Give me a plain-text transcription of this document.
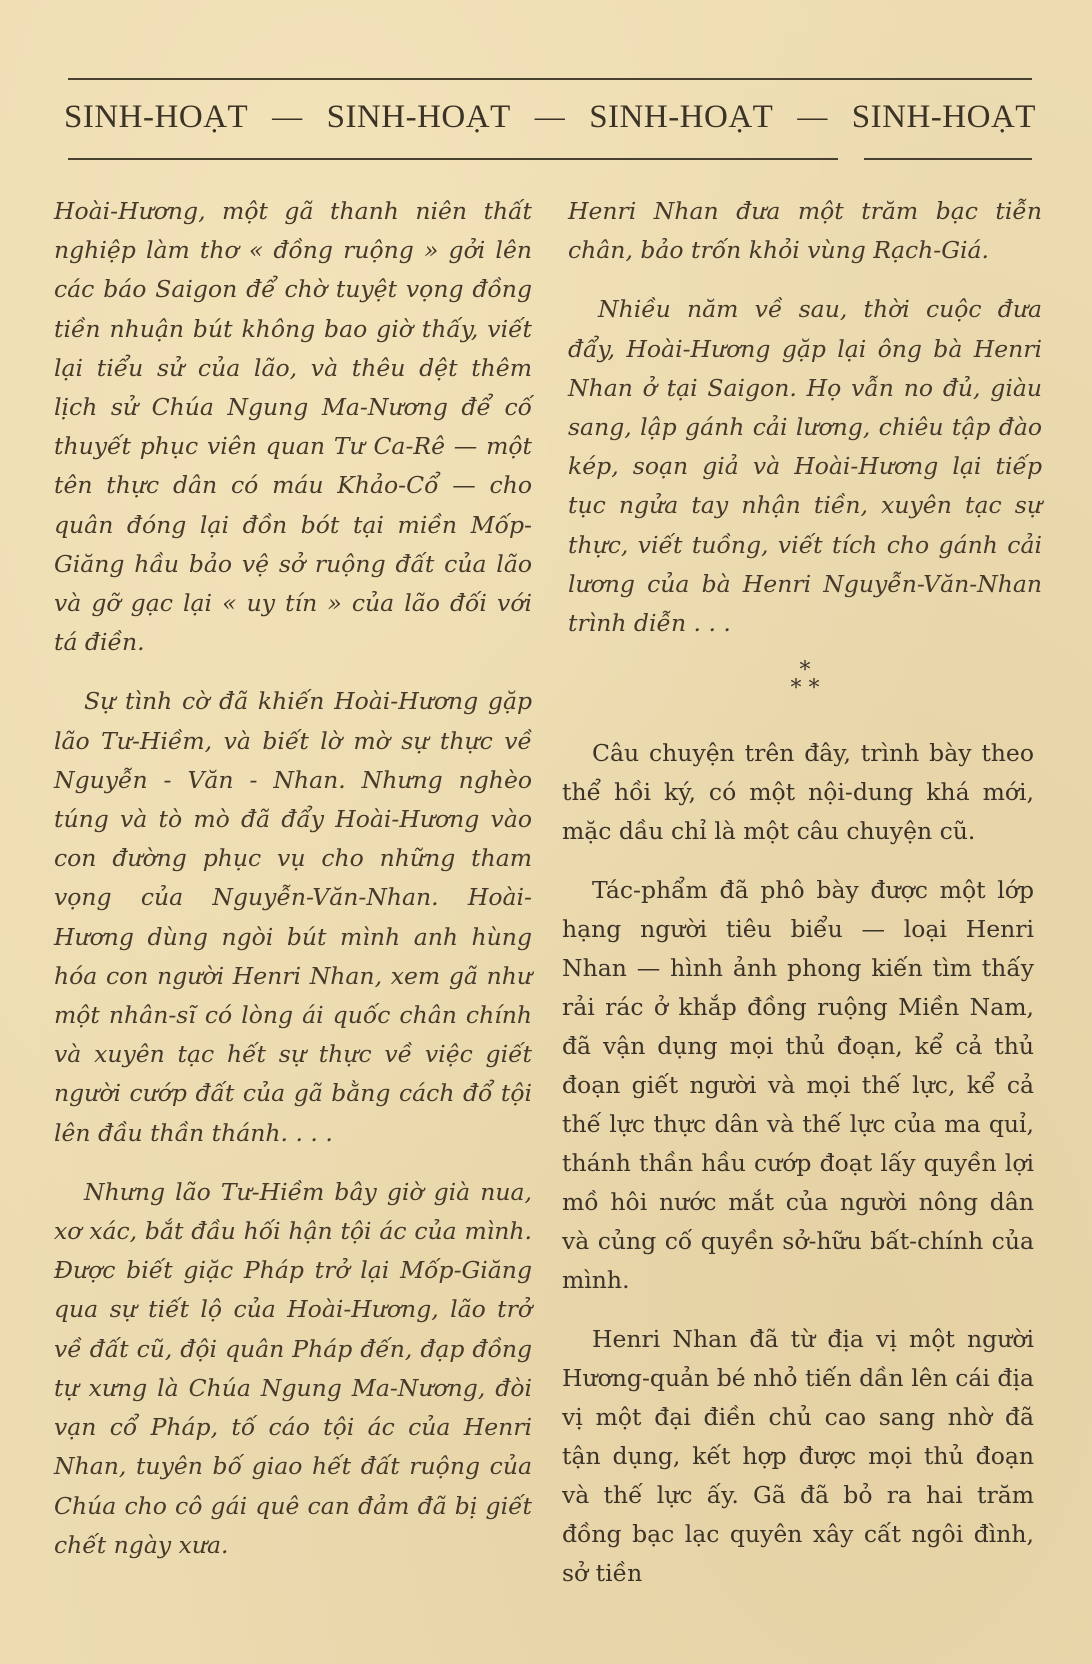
SINH-HOẠT — SINH-HOẠT — SINH-HOẠT — SINH-HOẠT

Hoài-Hương, một gã thanh niên thất nghiệp làm thơ « đồng ruộng » gởi lên các báo Saigon để chờ tuyệt vọng đồng tiền nhuận bút không bao giờ thấy, viết lại tiểu sử của lão, và thêu dệt thêm lịch sử Chúa Ngung Ma-Nương để cố thuyết phục viên quan Tư Ca-Rê — một tên thực dân có máu Khảo-Cổ — cho quân đóng lại đồn bót tại miền Mốp-Giăng hầu bảo vệ sở ruộng đất của lão và gỡ gạc lại « uy tín » của lão đối với tá điền.

Sự tình cờ đã khiến Hoài-Hương gặp lão Tư-Hiềm, và biết lờ mờ sự thực về Nguyễn - Văn - Nhan. Nhưng nghèo túng và tò mò đã đẩy Hoài-Hương vào con đường phục vụ cho những tham vọng của Nguyễn-Văn-Nhan. Hoài-Hương dùng ngòi bút mình anh hùng hóa con người Henri Nhan, xem gã như một nhân-sĩ có lòng ái quốc chân chính và xuyên tạc hết sự thực về việc giết người cướp đất của gã bằng cách đổ tội lên đầu thần thánh. . . .

Nhưng lão Tư-Hiềm bây giờ già nua, xơ xác, bắt đầu hối hận tội ác của mình. Được biết giặc Pháp trở lại Mốp-Giăng qua sự tiết lộ của Hoài-Hương, lão trở về đất cũ, đội quân Pháp đến, đạp đồng tự xưng là Chúa Ngung Ma-Nương, đòi vạn cổ Pháp, tố cáo tội ác của Henri Nhan, tuyên bố giao hết đất ruộng của Chúa cho cô gái quê can đảm đã bị giết chết ngày xưa.

Henri Nhan đưa một trăm bạc tiễn chân, bảo trốn khỏi vùng Rạch-Giá.

Nhiều năm về sau, thời cuộc đưa đẩy, Hoài-Hương gặp lại ông bà Henri Nhan ở tại Saigon. Họ vẫn no đủ, giàu sang, lập gánh cải lương, chiêu tập đào kép, soạn giả và Hoài-Hương lại tiếp tục ngửa tay nhận tiền, xuyên tạc sự thực, viết tuồng, viết tích cho gánh cải lương của bà Henri Nguyễn-Văn-Nhan trình diễn . . .

*
* *

Câu chuyện trên đây, trình bày theo thể hồi ký, có một nội-dung khá mới, mặc dầu chỉ là một câu chuyện cũ.

Tác-phẩm đã phô bày được một lớp hạng người tiêu biểu — loại Henri Nhan — hình ảnh phong kiến tìm thấy rải rác ở khắp đồng ruộng Miền Nam, đã vận dụng mọi thủ đoạn, kể cả thủ đoạn giết người và mọi thế lực, kể cả thế lực thực dân và thế lực của ma quỉ, thánh thần hầu cướp đoạt lấy quyền lợi mồ hôi nước mắt của người nông dân và củng cố quyền sở-hữu bất-chính của mình.

Henri Nhan đã từ địa vị một người Hương-quản bé nhỏ tiến dần lên cái địa vị một đại điền chủ cao sang nhờ đã tận dụng, kết hợp được mọi thủ đoạn và thế lực ấy. Gã đã bỏ ra hai trăm đồng bạc lạc quyên xây cất ngôi đình, sở tiền
